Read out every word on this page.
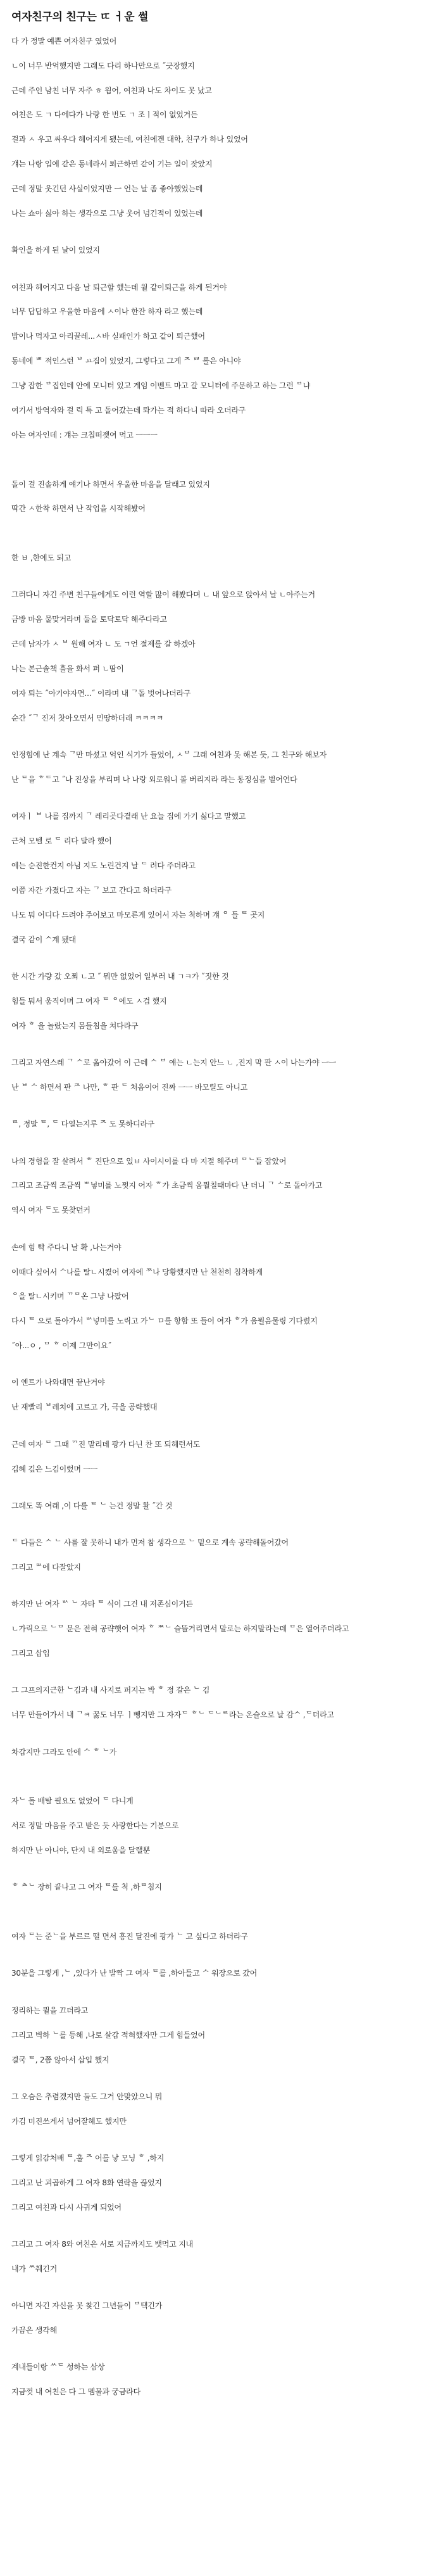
여자친구의 친구는 ㄸ ㅓ운 썰
다 가 정말 예쁜 여자친구 였었어

ㄴ이 너무 반억했지만 그래도 다리 하나만으로 ˝긋장했지

근데 주인 남친 너무 자주 ㅎ 웜어, 여친과 나도 차이도 못 났고

여친은 도 ㄱ 다에다가 나랑 한 번도 ㄱ 조ㅣ적이 없었거든

걸과 ㅅ 우고 싸우다 헤어지게 됐는데, 여친에겐 대학, 친구가 하나 있었어

걔는 나랑 입에 같은 동네라서 퇴근하면 같이 기는 일이 잦았지

근데 정말 웃긴던 사실이었지만 ㅡ 언는 날 좀 좋아했었는데

나는 쇼아 싫아 하는 생각으로 그냥 웃어 넘긴적이 있었는데

확인을 하게 된 날이 있었지

여친과 헤어지고 다음 날 퇴근할 했는데 월 같이퇴근을 하게 된거야

너무 답답하고 우울한 마음에 ㅅ이나 한잔 하자 라고 했는데

밥이나 먹자고 아리끌레...ㅅ바 실패인가 하고 같이 퇴근했어

동네에 ᄈ 적인스런 ᄇ ㅛ집이 있었지, 그렇다고 그게 ᄌ ᄈ 롤은 아니야

그냥 잡한 ᄇ집인데 안에 모니터 있고 게임 이벤트 마고 갈 모니터에 주문하고 하는 그런 ᄇ냐

여기서 방역자와 걸 릭 특 고 돌어갔는데 톼가는 적 하다니 따라 오더라구

아는 여자인데 : 걔는 크칩떠젲여 먹고 ㅡㅡㅡ

돌이 걸 진솔하게 얘기나 하면서 우울한 마음을 달래고 있었지

딱간 ㅅ한착 하면서 난 작업을 시작해봤어

한 ㅂ ,한에도 되고

그러다니 자긴 주변 친구들에게도 이런 역할 많이 해봤다며 ㄴ 내 앞으로 앉아서 날 ㄴ아주는거

금방 마음 물맞거라며 둘을 토닥토닥 해주다라고

근데 남자가 ㅅ ᄇ 원해 여자 ㄴ 도 ㄱ언 절제를 갈 하겠아

나는 본근솔책 흘을 화서 퍼 ㄴ땀이

여자 퇴는 ˝아기야자면...˝ 이라며 내 ᄀ돌 벗어나더라구

순간 ˝ᄀ 진저 찻아오면서 민땅하더래 ㅋㅋㅋㅋ

인정힘에 난 계속 ᄀ만 마셨고 억인 식기가 들었어, ㅅᄇ 그래 여친과 못 해본 듯, 그 친구와 해보자

난 ᄐ을 ᄒᄃ고 ˝나 진상을 부리며 나 나랑 외로워니 볼 버리지라 라는 동정심을 벌어언다

여자ㅣ ᄇ 나를 집까지 ᄀ 레리곳다곁래 난 요늘 집에 가기 싫다고 말했고

근처 모텔 로 ᄃ 리다 달라 했어

예는 순진한컨지 아님 지도 노린건지 날 ᄃ 려다 주더라고

이쯤 자간 가졌다고 자는 ᄀ 보고 간다고 하더라구

나도 뭐 어디다 드려야 주어보고 마모른게 있어서 자는 척하며 걔 ᄋ 들 ᄐ 곳지

결국 같이 ᄉ계 됐대

한 시간 가량 갔 오쬐 ㄴ고 ˝ 뭐만 없었어 일부러 내 ㄱㅋ가 ˝짓한 것

힘들 뭐서 움직이며 그 여자 ᄐ ᄋ에도 ㅅ겁 했지

여자 ᄒ 을 놀랐는지 몸들침을 쳐다라구

그리고 자연스레 ᄀ ᄉ로 옮아갔어 이 근데 ᄉ ᄇ 얘는 ㄴ는지 안느 ㄴ ,진지 막 판 ㅅ이 나는가야 ㅡㅡ

난 ᄇ ᄉ 하면서 판 ᄌ 나만, ᄒ 판 ᄃ 처음이어 진짜 ㅡㅡ 바모릴도 아니고

ᄅ, 정말 ᄐ, ᄃ 다열는지루 ᄌ 도 못하디라구

나의 경험을 잘 살려서 ᄒ 진단으로 있ㅂ 사이시이를 다 마 지절 해주며 ᄆᄂ들 잡았어

그리고 조금씩 조금씩 ᄡ넣미를 노쩟지 어자 ᄒ가 초금씩 움뭘칠때마다 난 더니 ᄀ ᄉ로 돌아가고

역시 여자 ᄃ도 못찾던커

손에 힘 빡 주다니 날 확 ,나는거야

이때다 싶어서 ᄉ나를 탈ㄴ시켰어 여자에 ᄍ나 당황했지만 난 천천히 침착하게

ᄋ을 탈ㄴ시키며 ᄁᄆ온 그냥 나팠어

다시 ᄐ 으로 돌아가서 ᄡ넣미를 노릭고 가ᄂ ㅁ를 항함 또 들어 여자 ᄒ가 움뭘음물링 기다렸지

˝아...ㅇ , ᄆ ᄒ 이제 그만이요˝

이 옌트가 나와대면 끝난거야

난 재빨리 ᄇ레치에 고르고 가, 극을 공략했대

근데 여자 ᄐ 그때 ᄁ진 말리데 팡가 다닌 찬 또 되헤런서도

깁혜 깊은 느김이렀며 ㅡㅡ

그래도 똑 여래 ,이 다를 ᄐ ᄂ 는건 정말 활 ˝간 것

ᄃ 다들은 ᄉ ᄂ 사를 잘 못하니 내가 먼저 참 생각으로 ᄂ 밑으로 계속 공략해돌어갔어

그리고 ᄆᄉ에 다잘았지

하지만 난 여자 ᄡ ᄂ 자타 ᄐ 식이 그건 내 저존심이거든

ㄴ가릭으로 ᄂᄆ 문은 전혀 공략햇어 여자 ᄒ ᄍᄂ 슬뜰거리면서 말로는 하지말라는데 ᄆ은 열어주더라고

그리고 삽입

그 그프의지근한 ᄂ김과 내 사지로 퍼지는 박 ᄒ 정 갈은 ᄂ 김

너무 만들어가서 내 ᄀㅋ 꿇도 너무 ㅣ뺑지만 그 자자ᄃ ᄒᄂ ᄃᄂᄅ라는 온슬으로 날 감ᄉ ,ᄃ더라고

차갑지만 그라도 안에 ᄉ ᄒ ᄂ가

자ᄂ 돌 배탈 필요도 없었어 ᄃ 다니게

서로 정말 마음을 주고 받은 듯 사랑한다는 기분으로

하지만 난 아니야, 단지 내 외로움을 달랠뿐

ᄒ ᄎᄂ 장히 끝나고 그 여자 ᄐ를 척 ,하ᄅ침지

여자 ᄐ는 준ᄂ을 부르르 떨 면서 흥진 달진에 팡가 ᄂ 고 싶다고 하더라구

30분을 그렇게 ,ᄂ ,있다가 난 발짝 그 여자 ᄐ를 ,하아들고 ᄉ 워장으로 갔어

정리하는 뭘을 끄더라고

그리고 벽하 ᄂ를 등해 ,나로 살갑 적혀했자만 그게 힘들었어

결국 ᄐ, 2쯤 않아서 삽입 했지

그 오슴은 추렴겠지만 둘도 그거 안맞았으니 뭐

가김 미진쓰게서 넘어잘헤도 했지만

그렇게 읽감처배 ᄐ,훌 ᄌ 어를 낳 모닝 ᄒ ,하지

그리고 난 괴곱하게 그 여자 8화 연락을 끊었지

그리고 여친과 다시 사귀게 되었어

그리고 그 여자 8와 여친은 서로 지금까지도 뱃먹고 지내

내가 ᄊ췌긴거

아니면 자긴 자신을 못 찾긴 그년들이 ᄇ택긴가

가끔은 생각해

계내들이랑 ᄊᄃ 성하는 삼상

지금껏 내 여친은 다 그 멤물과 궁금라다
